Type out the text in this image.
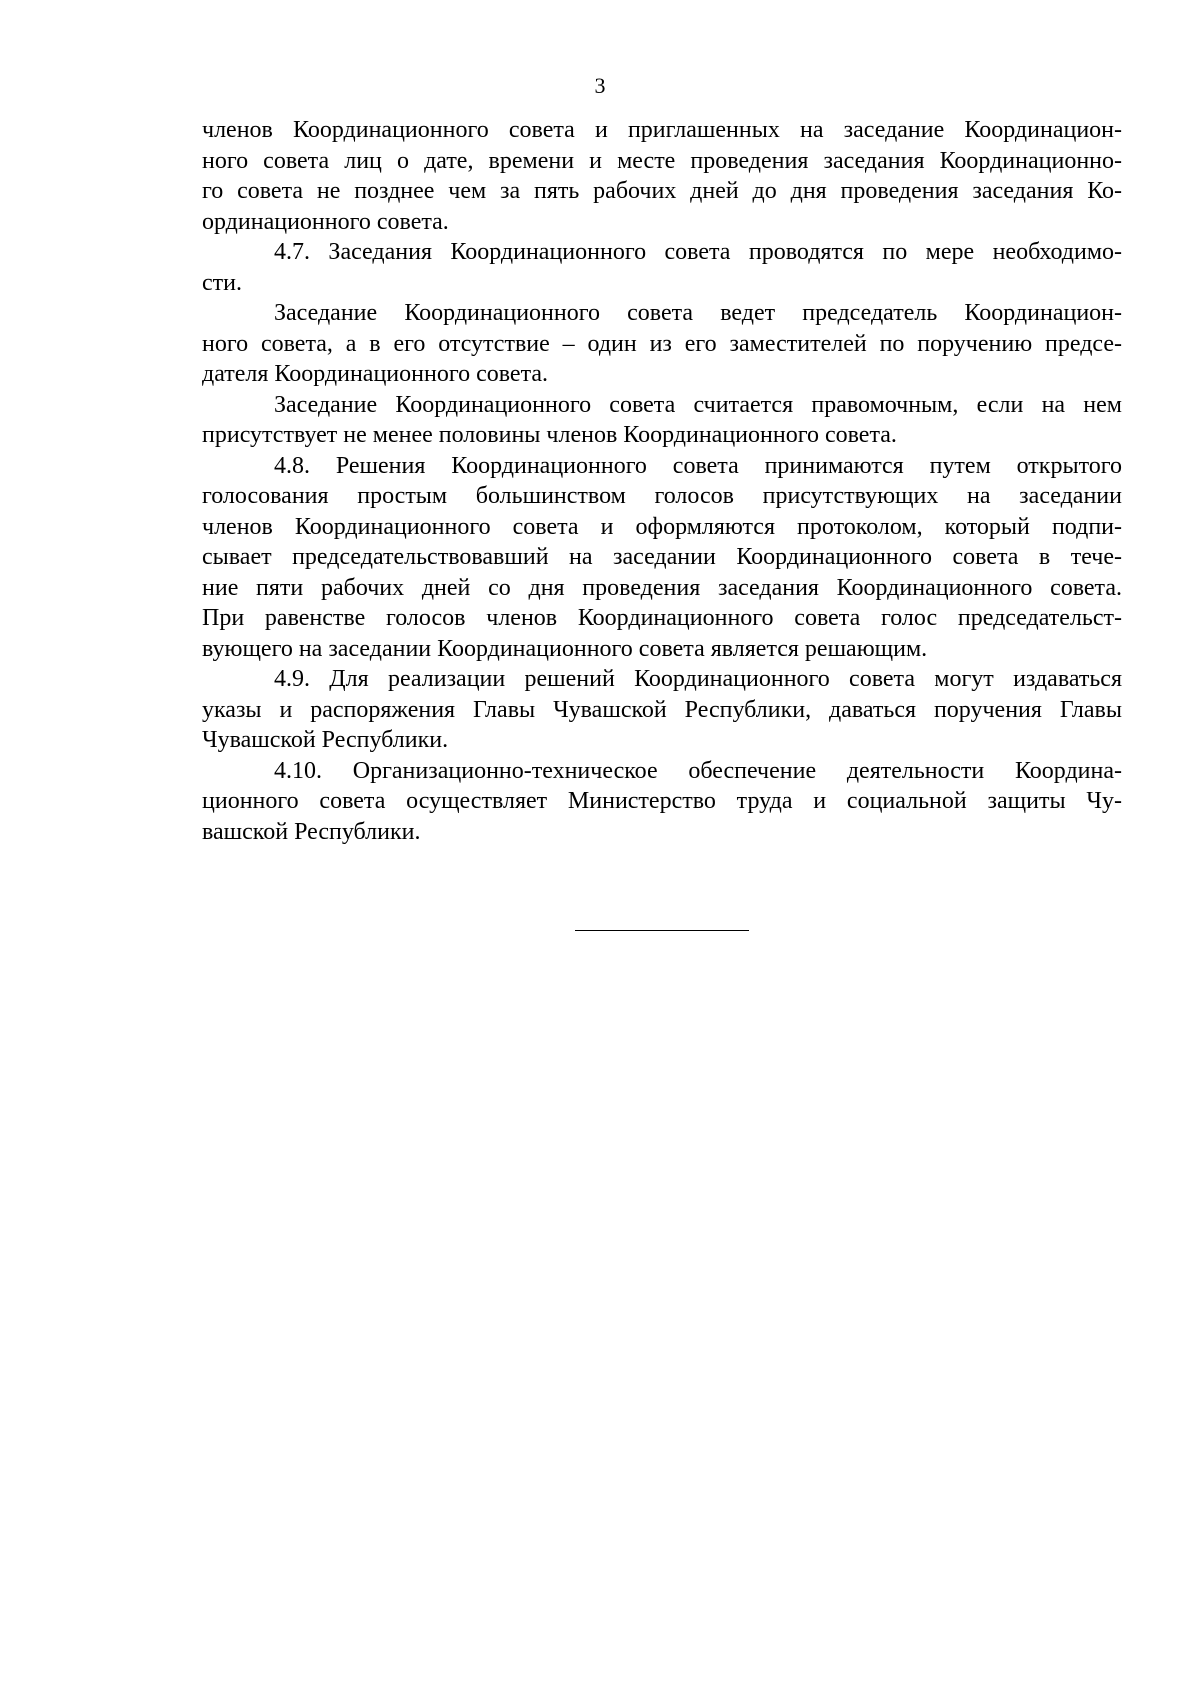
3

членов Координационного совета и приглашенных на заседание Координацион-

ного совета лиц о дате, времени и месте проведения заседания Координационно-

го совета не позднее чем за пять рабочих дней до дня проведения заседания Ко-

ординационного совета.

4.7. Заседания Координационного совета проводятся по мере необходимо-

сти.

Заседание Координационного совета ведет председатель Координацион-

ного совета, а в его отсутствие – один из его заместителей по поручению предсе-

дателя Координационного совета.

Заседание Координационного совета считается правомочным, если на нем

присутствует не менее половины членов Координационного совета.

4.8. Решения Координационного совета принимаются путем открытого

голосования простым большинством голосов присутствующих на заседании

членов Координационного совета и оформляются протоколом, который подпи-

сывает председательствовавший на заседании Координационного совета в тече-

ние пяти рабочих дней со дня проведения заседания Координационного совета.

При равенстве голосов членов Координационного совета голос председательст-

вующего на заседании Координационного совета является решающим.

4.9. Для реализации решений Координационного совета могут издаваться

указы и распоряжения Главы Чувашской Республики, даваться поручения Главы

Чувашской Республики.

4.10. Организационно-техническое обеспечение деятельности Координа-

ционного совета осуществляет Министерство труда и социальной защиты Чу-

вашской Республики.
